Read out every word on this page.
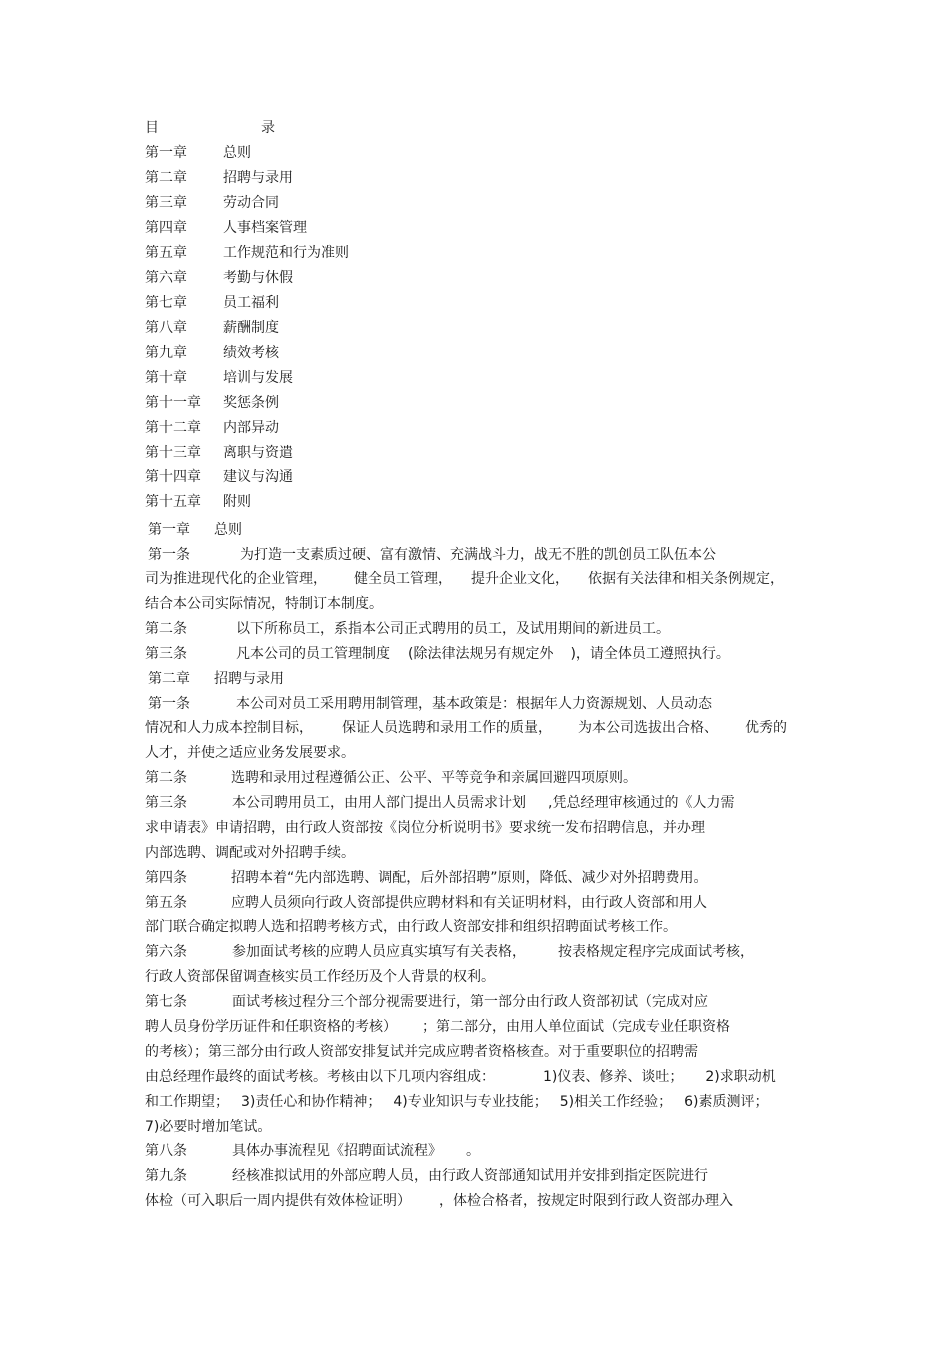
目	录
第一章	总则
第二章	招聘与录用
第三章	劳动合同
第四章	人事档案管理
第五章	工作规范和行为准则
第六章	考勤与休假
第七章	员工福利
第八章	薪酬制度
第九章	绩效考核
第十章	培训与发展
第十一章 奖惩条例
第十二章 内部异动
第十三章 离职与资遣
第十四章 建议与沟通
第十五章 附则
第一章 总则
第一条	为打造一支素质过硬、富有激情、充满战斗力，战无不胜的凯创员工队伍本公
司为推进现代化的企业管理， 健全员工管理， 提升企业文化， 依据有关法律和相关条例规定，
结合本公司实际情况，特制订本制度。
第二条	以下所称员工，系指本公司正式聘用的员工，及试用期间的新进员工。
第三条	凡本公司的员工管理制度 (除法律法规另有规定外 )，请全体员工遵照执行。
第二章 招聘与录用
第一条	本公司对员工采用聘用制管理，基本政策是：根据年人力资源规划、人员动态
情况和人力成本控制目标， 保证人员选聘和录用工作的质量， 为本公司选拔出合格、 优秀的
人才，并使之适应业务发展要求。
第二条	选聘和录用过程遵循公正、公平、平等竞争和亲属回避四项原则。
第三条	本公司聘用员工，由用人部门提出人员需求计划 ,凭总经理审核通过的《人力需
求申请表》申请招聘，由行政人资部按《岗位分析说明书》要求统一发布招聘信息，并办理
内部选聘、调配或对外招聘手续。
第四条	招聘本着“先内部选聘、调配，后外部招聘”原则，降低、减少对外招聘费用。
第五条	应聘人员须向行政人资部提供应聘材料和有关证明材料，由行政人资部和用人
部门联合确定拟聘人选和招聘考核方式，由行政人资部安排和组织招聘面试考核工作。
第六条	参加面试考核的应聘人员应真实填写有关表格， 按表格规定程序完成面试考核，
行政人资部保留调查核实员工作经历及个人背景的权利。
第七条	面试考核过程分三个部分视需要进行，第一部分由行政人资部初试（完成对应
聘人员身份学历证件和任职资格的考核） ；第二部分，由用人单位面试（完成专业任职资格
的考核）；第三部分由行政人资部安排复试并完成应聘者资格核查。对于重要职位的招聘需
由总经理作最终的面试考核。考核由以下几项内容组成：	1)仪表、修养、谈吐； 2)求职动机
和工作期望； 3)责任心和协作精神； 4)专业知识与专业技能； 5)相关工作经验； 6)素质测评；
7)必要时增加笔试。
第八条	具体办事流程见《招聘面试流程》 。
第九条	经核准拟试用的外部应聘人员，由行政人资部通知试用并安排到指定医院进行
体检（可入职后一周内提供有效体检证明） ，体检合格者，按规定时限到行政人资部办理入
